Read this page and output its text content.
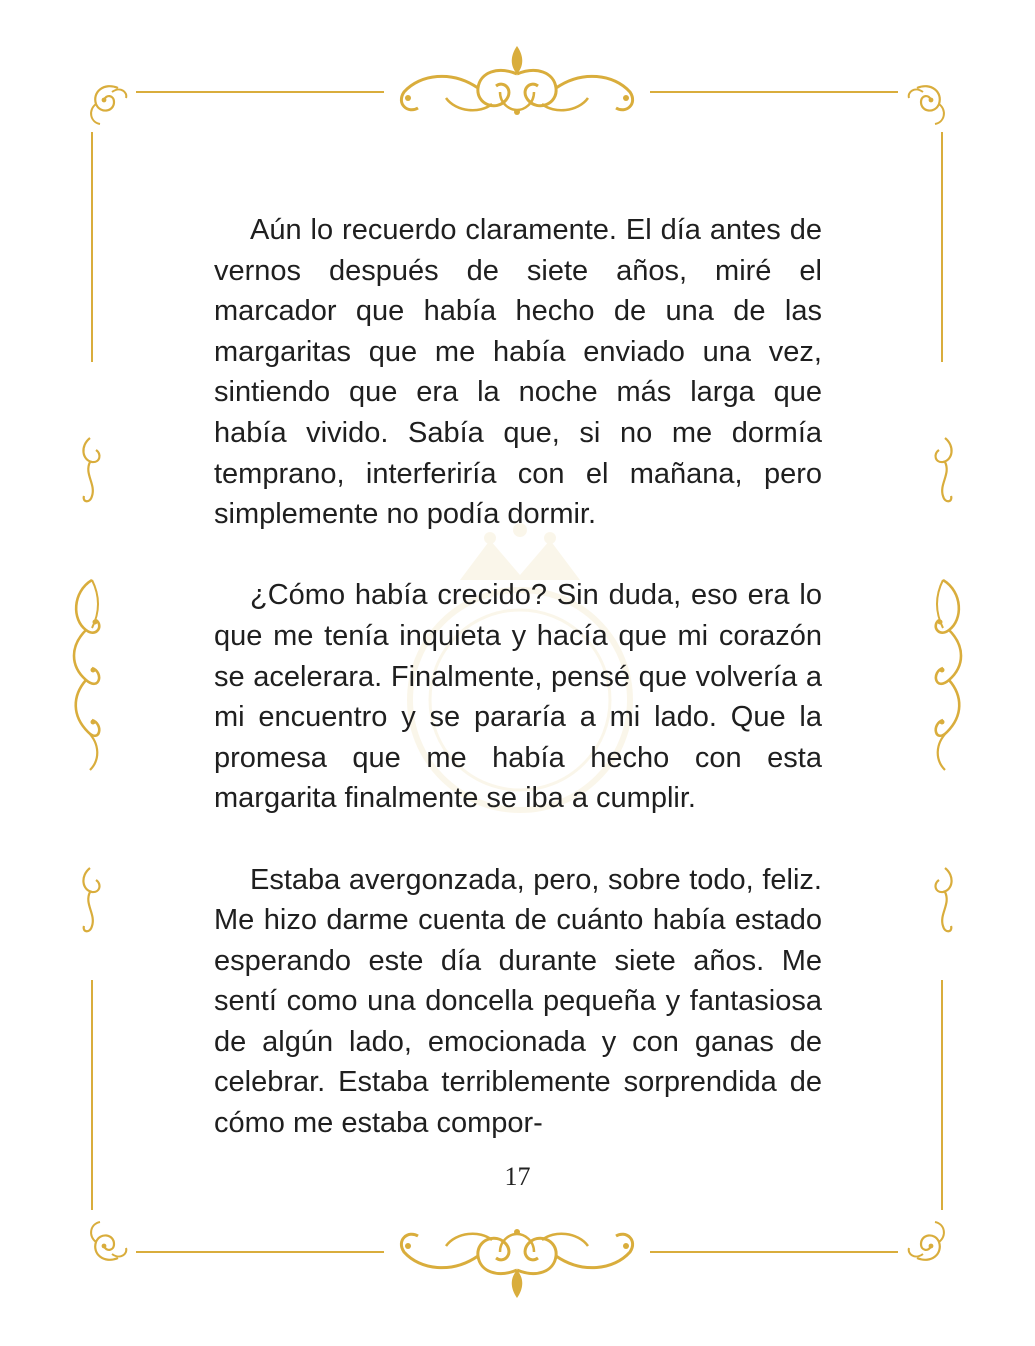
Aún lo recuerdo claramente. El día antes de vernos después de siete años, miré el marcador que había hecho de una de las margaritas que me había enviado una vez, sintiendo que era la noche más larga que había vivido. Sabía que, si no me dormía temprano, interferiría con el mañana, pero simplemente no podía dormir.

¿Cómo había crecido? Sin duda, eso era lo que me tenía inquieta y hacía que mi corazón se acelerara. Finalmente, pensé que volvería a mi encuentro y se pararía a mi lado. Que la promesa que me había hecho con esta margarita finalmente se iba a cumplir.

Estaba avergonzada, pero, sobre todo, feliz. Me hizo darme cuenta de cuánto había estado esperando este día durante siete años. Me sentí como una doncella pequeña y fantasiosa de algún lado, emocionada y con ganas de celebrar. Estaba terriblemente sorprendida de cómo me estaba compor-

17
